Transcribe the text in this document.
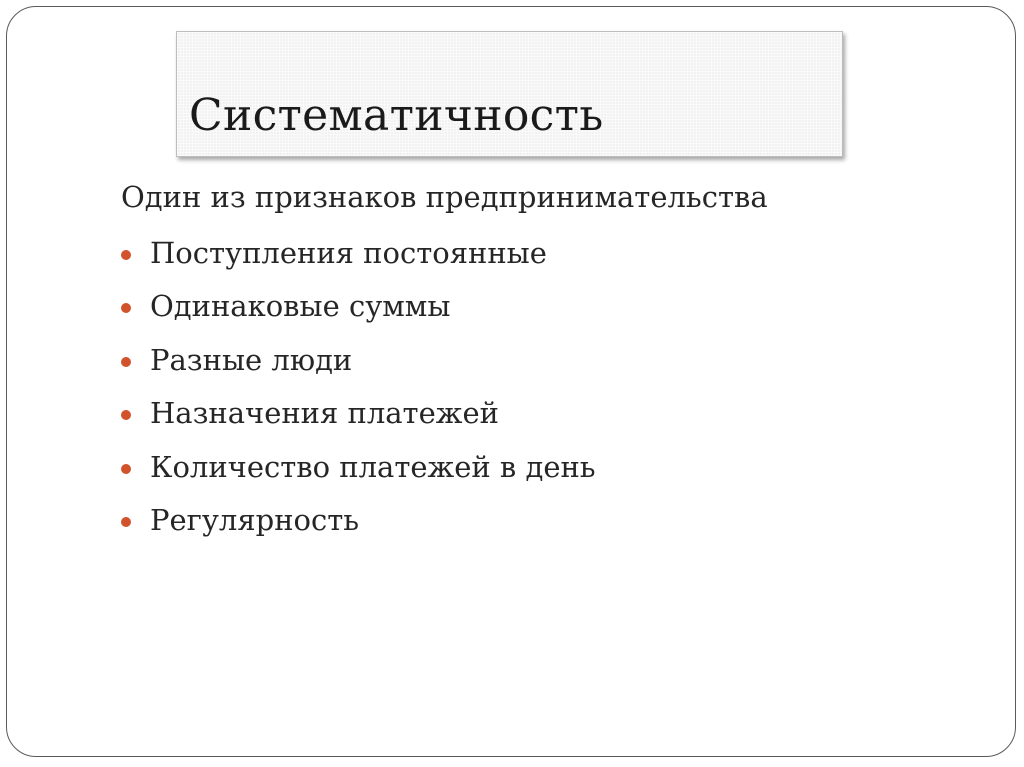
Систематичность
Один из признаков предпринимательства
Поступления постоянные
Одинаковые суммы
Разные люди
Назначения платежей
Количество платежей в день
Регулярность
